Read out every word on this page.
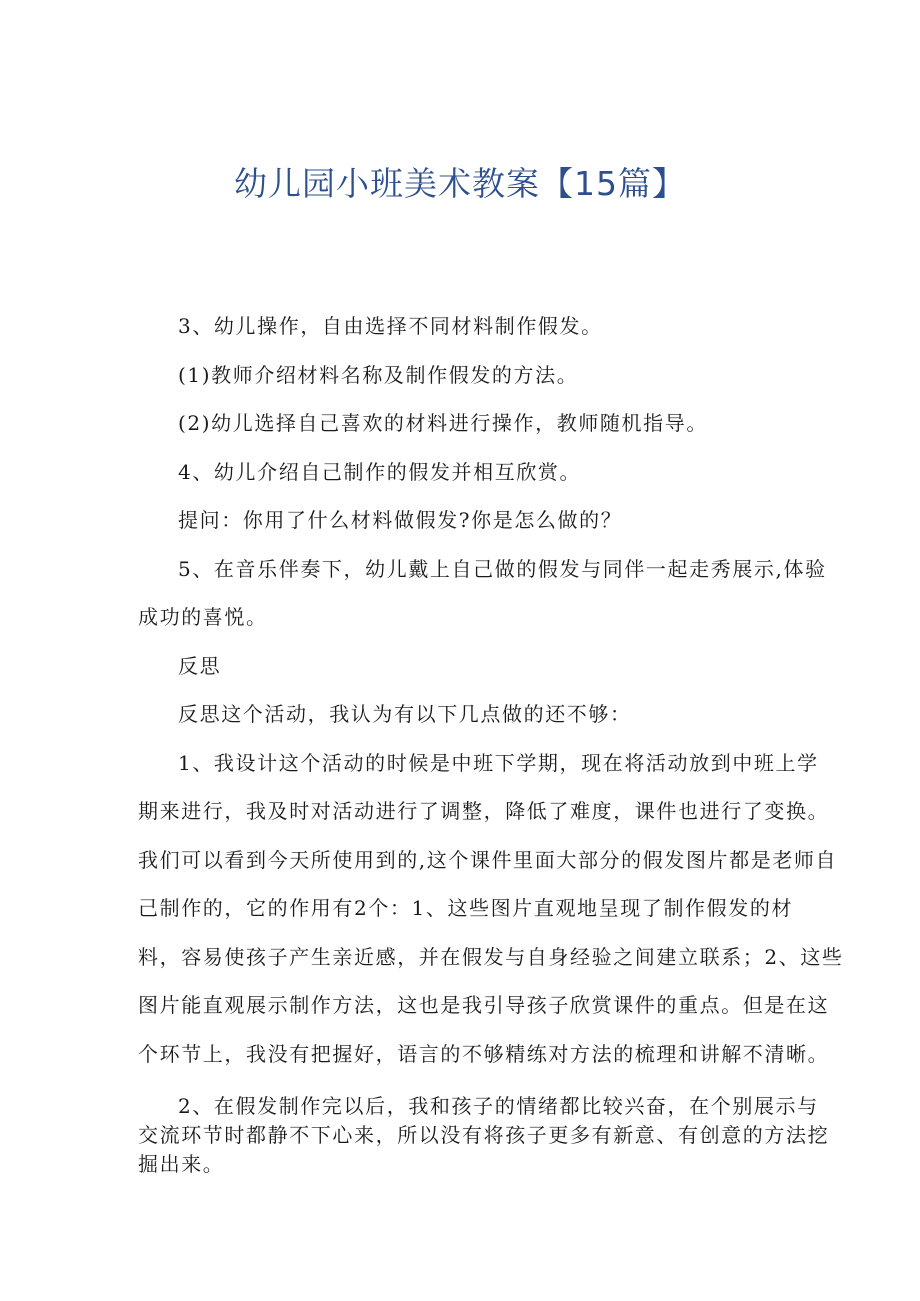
幼儿园小班美术教案【15篇】
3、幼儿操作，自由选择不同材料制作假发。
(1)教师介绍材料名称及制作假发的方法。
(2)幼儿选择自己喜欢的材料进行操作，教师随机指导。
4、幼儿介绍自己制作的假发并相互欣赏。
提问：你用了什么材料做假发?你是怎么做的？
5、在音乐伴奏下，幼儿戴上自己做的假发与同伴一起走秀展示,体验
成功的喜悦。
反思
反思这个活动，我认为有以下几点做的还不够：
1、我设计这个活动的时候是中班下学期，现在将活动放到中班上学
期来进行，我及时对活动进行了调整，降低了难度，课件也进行了变换。
我们可以看到今天所使用到的,这个课件里面大部分的假发图片都是老师自
己制作的，它的作用有2个：1、这些图片直观地呈现了制作假发的材
料，容易使孩子产生亲近感，并在假发与自身经验之间建立联系；2、这些
图片能直观展示制作方法，这也是我引导孩子欣赏课件的重点。但是在这
个环节上，我没有把握好，语言的不够精练对方法的梳理和讲解不清晰。
2、在假发制作完以后，我和孩子的情绪都比较兴奋，在个别展示与
交流环节时都静不下心来，所以没有将孩子更多有新意、有创意的方法挖
掘出来。
